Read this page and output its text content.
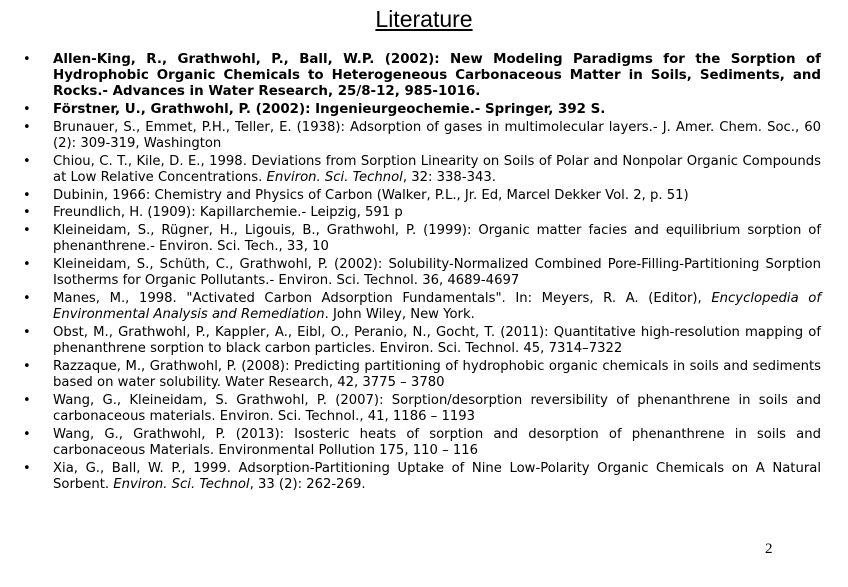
Literature
• Allen-King, R., Grathwohl, P., Ball, W.P. (2002): New Modeling Paradigms for the Sorption of Hydrophobic Organic Chemicals to Heterogeneous Carbonaceous Matter in Soils, Sediments, and Rocks.- Advances in Water Research, 25/8-12, 985-1016.
• Förstner, U., Grathwohl, P. (2002): Ingenieurgeochemie.- Springer, 392 S.
• Brunauer, S., Emmet, P.H., Teller, E. (1938): Adsorption of gases in multimolecular layers.- J. Amer. Chem. Soc., 60 (2): 309-319, Washington
• Chiou, C. T., Kile, D. E., 1998. Deviations from Sorption Linearity on Soils of Polar and Nonpolar Organic Compounds at Low Relative Concentrations. Environ. Sci. Technol, 32: 338-343.
• Dubinin, 1966: Chemistry and Physics of Carbon (Walker, P.L., Jr. Ed, Marcel Dekker Vol. 2, p. 51)
• Freundlich, H. (1909): Kapillarchemie.- Leipzig, 591 p
• Kleineidam, S., Rügner, H., Ligouis, B., Grathwohl, P. (1999): Organic matter facies and equilibrium sorption of phenanthrene.- Environ. Sci. Tech., 33, 10
• Kleineidam, S., Schüth, C., Grathwohl, P. (2002): Solubility-Normalized Combined Pore-Filling-Partitioning Sorption Isotherms for Organic Pollutants.- Environ. Sci. Technol. 36, 4689-4697
• Manes, M., 1998. "Activated Carbon Adsorption Fundamentals". In: Meyers, R. A. (Editor), Encyclopedia of Environmental Analysis and Remediation. John Wiley, New York.
• Obst, M., Grathwohl, P., Kappler, A., Eibl, O., Peranio, N., Gocht, T. (2011): Quantitative high-resolution mapping of phenanthrene sorption to black carbon particles. Environ. Sci. Technol. 45, 7314–7322
• Razzaque, M., Grathwohl, P. (2008): Predicting partitioning of hydrophobic organic chemicals in soils and sediments based on water solubility. Water Research, 42, 3775 – 3780
• Wang, G., Kleineidam, S. Grathwohl, P. (2007): Sorption/desorption reversibility of phenanthrene in soils and carbonaceous materials. Environ. Sci. Technol., 41, 1186 – 1193
• Wang, G., Grathwohl, P. (2013): Isosteric heats of sorption and desorption of phenanthrene in soils and carbonaceous Materials. Environmental Pollution 175, 110 – 116
• Xia, G., Ball, W. P., 1999. Adsorption-Partitioning Uptake of Nine Low-Polarity Organic Chemicals on A Natural Sorbent. Environ. Sci. Technol, 33 (2): 262-269.
2
